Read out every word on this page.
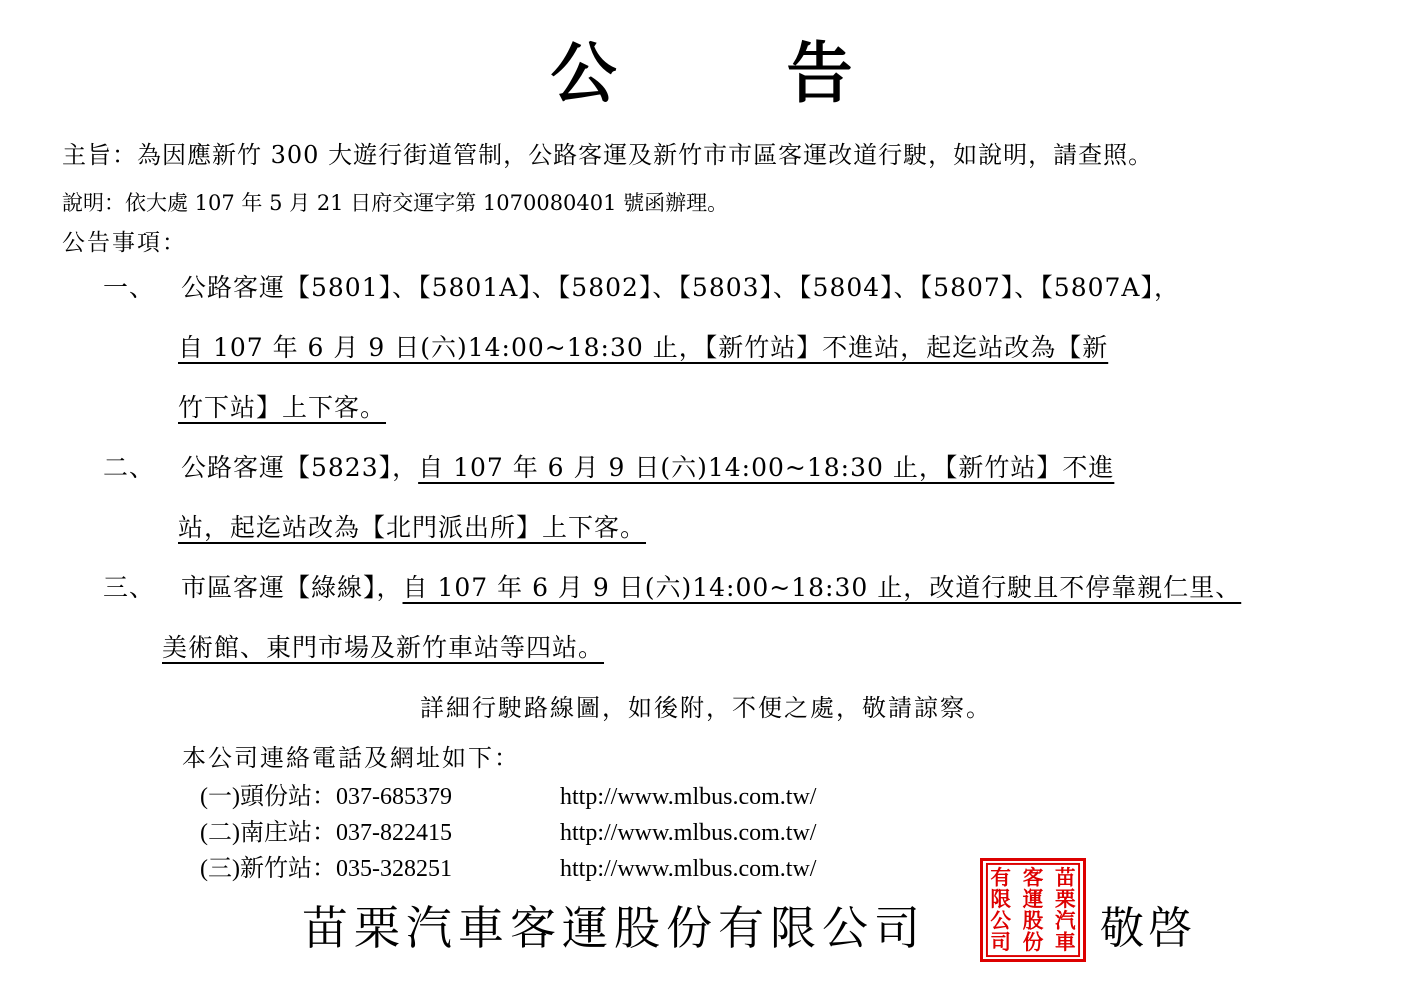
公	告
主旨：為因應新竹 300 大遊行街道管制，公路客運及新竹市市區客運改道行駛，如說明，請查照。
說明：依大處 107 年 5 月 21 日府交運字第 1070080401 號函辦理。
公告事項：
一、 公路客運【5801】、【5801A】、【5802】、【5803】、【5804】、【5807】、【5807A】，
自 107 年 6 月 9 日(六)14:00~18:30 止，【新竹站】不進站，起迄站改為【新
竹下站】上下客。
二、 公路客運【5823】，自 107 年 6 月 9 日(六)14:00~18:30 止，【新竹站】不進
站，起迄站改為【北門派出所】上下客。
三、 市區客運【綠線】，自 107 年 6 月 9 日(六)14:00~18:30 止，改道行駛且不停靠親仁里、
美術館、東門市場及新竹車站等四站。
詳細行駛路線圖，如後附，不便之處，敬請諒察。
本公司連絡電話及網址如下：
(一)頭份站：037-685379	http://www.mlbus.com.tw/
(二)南庄站：037-822415	http://www.mlbus.com.tw/
(三)新竹站：035-328251	http://www.mlbus.com.tw/
苗栗汽車客運股份有限公司
苗
栗
汽
車
客
運
股
份
有
限
公
司 敬啓
